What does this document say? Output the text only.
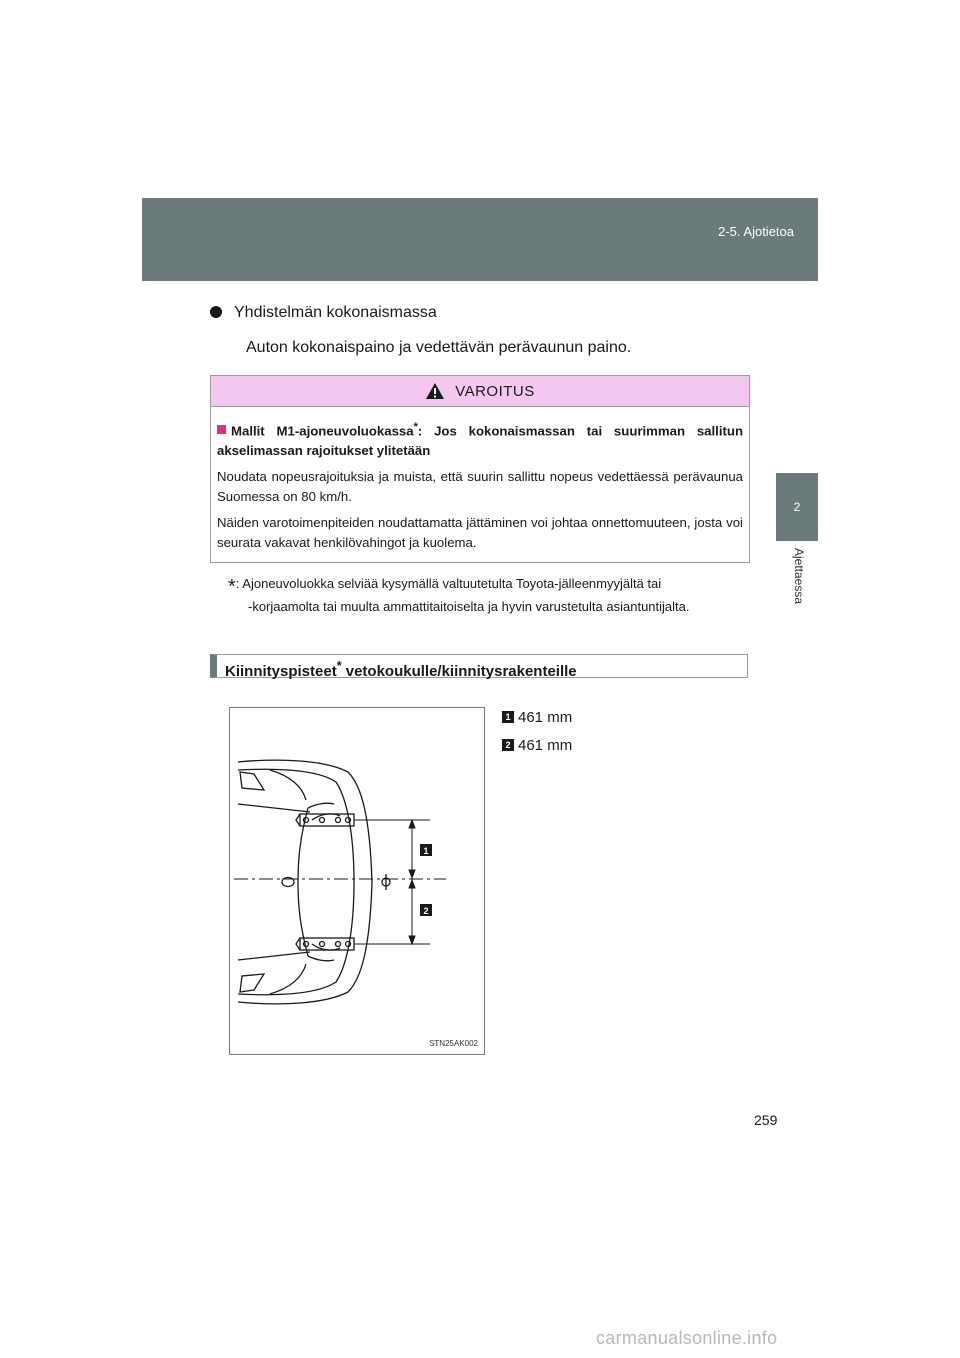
2-5. Ajotietoa
2
Ajettaessa
Yhdistelmän kokonaismassa
Auton kokonaispaino ja vedettävän perävaunun paino.
VAROITUS
Mallit M1-ajoneuvoluokassa*: Jos kokonaismassan tai suurimman sallitun akselimassan rajoitukset ylitetään
Noudata nopeusrajoituksia ja muista, että suurin sallittu nopeus vedettäessä perävaunua Suomessa on 80 km/h.
Näiden varotoimenpiteiden noudattamatta jättäminen voi johtaa onnettomuuteen, josta voi seurata vakavat henkilövahingot ja kuolema.
*: Ajoneuvoluokka selviää kysymällä valtuutetulta Toyota-jälleenmyyjältä tai
-korjaamolta tai muulta ammattitaitoiselta ja hyvin varustetulta asiantuntijalta.
Kiinnityspisteet* vetokoukulle/kiinnitysrakenteille
1
2
STN25AK002
1 461 mm
2 461 mm
259
carmanualsonline.info
